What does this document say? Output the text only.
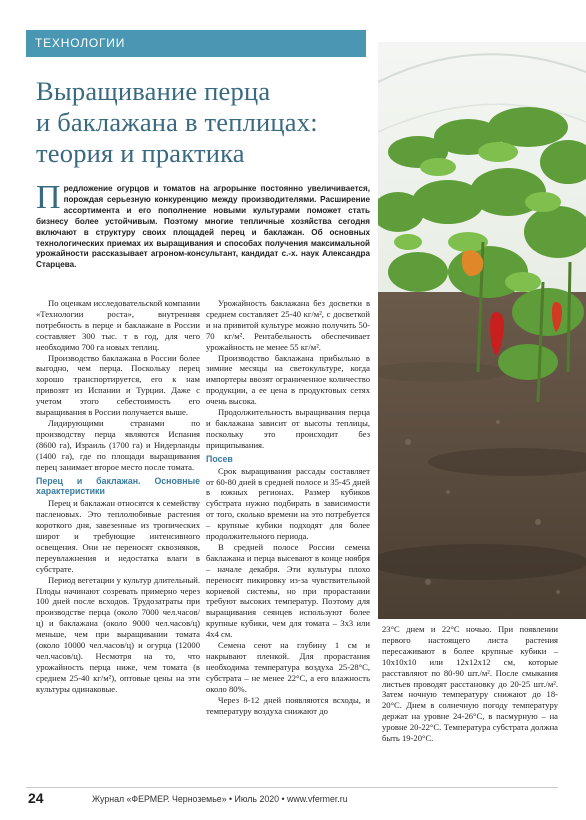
ТЕХНОЛОГИИ
Выращивание перца
и баклажана в теплицах:
теория и практика
Предложение огурцов и томатов на агрорынке постоянно увеличивается, порождая серьезную конкуренцию между производителями. Расширение ассортимента и его пополнение новыми культурами поможет стать бизнесу более устойчивым. Поэтому многие тепличные хозяйства сегодня включают в структуру своих площадей перец и баклажан. Об основных технологических приемах их выращивания и способах получения максимальной урожайности рассказывает агроном-консультант, кандидат с.-х. наук Александра Старцева.

По оценкам исследовательской компании «Технологии роста», внутренняя потребность в перце и баклажане в России составляет 300 тыс. т в год, для чего необходимо 700 га новых теплиц.

Производство баклажана в России более выгодно, чем перца. Поскольку перец хорошо транспортируется, его к нам привозят из Испании и Турции. Даже с учетом этого себестоимость его выращивания в России получается выше.

Лидирующими странами по производству перца являются Испания (8600 га), Израиль (1700 га) и Нидерланды (1400 га), где по площади выращивания перец занимает второе место после томата.

Перец и баклажан. Основные характеристики

Перец и баклажан относятся к семейству пасленовых. Это теплолюбивые растения короткого дня, завезенные из тропических широт и требующие интенсивного освещения. Они не переносят сквозняков, переувлажнения и недостатка влаги в субстрате.

Период вегетации у культур длительный. Плоды начинают созревать примерно через 100 дней после всходов. Трудозатраты при производстве перца (около 7000 чел.часов/ц) и баклажана (около 9000 чел.часов/ц) меньше, чем при выращивании томата (около 10000 чел.часов/ц) и огурца (12000 чел.часов/ц). Несмотря на то, что урожайность перца ниже, чем томата (в среднем 25-40 кг/м²), оптовые цены на эти культуры одинаковые.

Урожайность баклажана без досветки в среднем составляет 25-40 кг/м², с досветкой и на привитой культуре можно получить 50-70 кг/м². Рентабельность обеспечивает урожайность не менее 55 кг/м².

Производство баклажана прибыльно в зимние месяцы на светокультуре, когда импортеры ввозят ограниченное количество продукции, а ее цена в продуктовых сетях очень высока.

Продолжительность выращивания перца и баклажана зависит от высоты теплицы, поскольку это происходит без прищипывания.

Посев

Срок выращивания рассады составляет от 60-80 дней в средней полосе и 35-45 дней в южных регионах. Размер кубиков субстрата нужно подбирать в зависимости от того, сколько времени на это потребуется – крупные кубики подходят для более продолжительного периода.

В средней полосе России семена баклажана и перца высевают в конце ноября – начале декабря. Эти культуры плохо переносят пикировку из-за чувствительной корневой системы, но при прорастании требуют высоких температур. Поэтому для выращивания сеянцев используют более крупные кубики, чем для томата – 3х3 или 4х4 см.

Семена сеют на глубину 1 см и накрывают пленкой. Для прорастания необходима температура воздуха 25-28°С, субстрата – не менее 22°С, а его влажность около 80%.

Через 8-12 дней появляются всходы, и температуру воздуха снижают до

23°С днем и 22°С ночью. При появлении первого настоящего листа растения пересаживают в более крупные кубики – 10х10х10 или 12х12х12 см, которые расставляют по 80-90 шт./м². После смыкания листьев проводят расстановку до 20-25 шт./м². Затем ночную температуру снижают до 18-20°С. Днем в солнечную погоду температуру держат на уровне 24-26°С, в пасмурную – на уровне 20-22°С. Температура субстрата должна быть 19-20°С.

24	Журнал «ФЕРМЕР. Черноземье» • Июль 2020 • www.vfermer.ru
